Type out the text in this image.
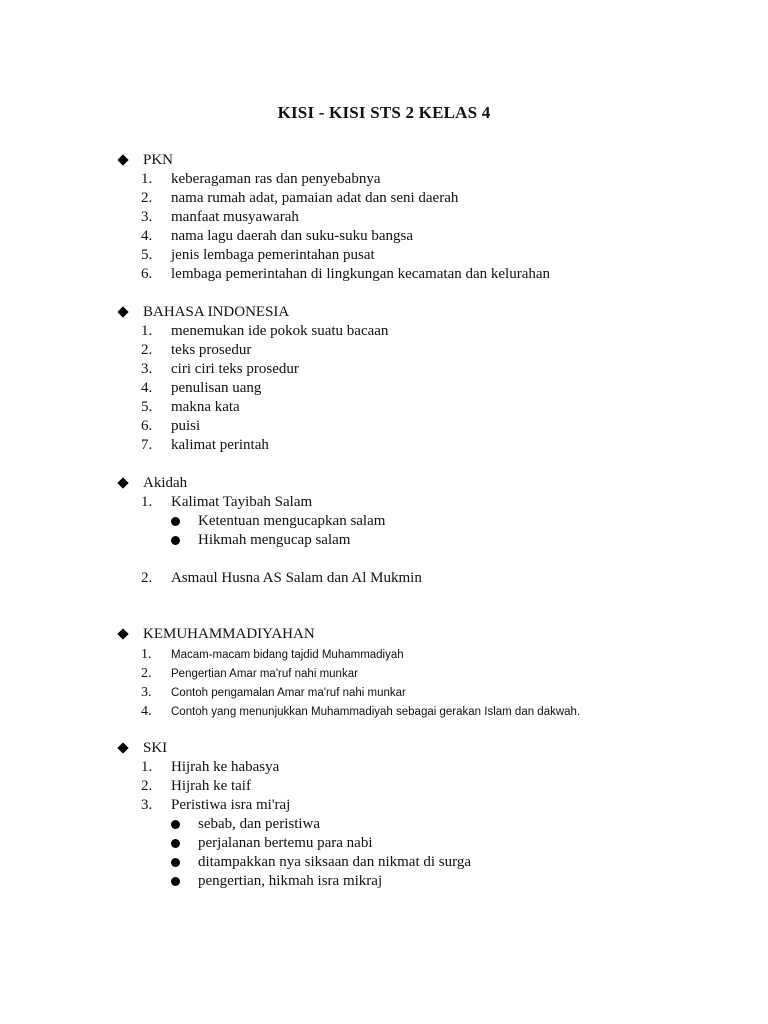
KISI - KISI STS 2 KELAS 4
PKN
1. keberagaman ras dan penyebabnya
2. nama rumah adat, pamaian adat dan seni daerah
3. manfaat musyawarah
4. nama lagu daerah dan suku-suku bangsa
5. jenis lembaga pemerintahan pusat
6. lembaga pemerintahan di lingkungan kecamatan dan kelurahan
BAHASA INDONESIA
1. menemukan ide pokok suatu bacaan
2. teks prosedur
3. ciri ciri teks prosedur
4. penulisan uang
5. makna kata
6. puisi
7. kalimat perintah
Akidah
1. Kalimat Tayibah Salam
Ketentuan mengucapkan salam
Hikmah mengucap salam
2. Asmaul Husna AS Salam dan Al Mukmin
KEMUHAMMADIYAHAN
1. Macam-macam bidang tajdid Muhammadiyah
2. Pengertian Amar ma'ruf nahi munkar
3. Contoh pengamalan Amar ma'ruf nahi munkar
4. Contoh yang menunjukkan Muhammadiyah sebagai gerakan Islam dan dakwah.
SKI
1. Hijrah ke habasya
2. Hijrah ke taif
3. Peristiwa isra mi'raj
sebab, dan peristiwa
perjalanan bertemu para nabi
ditampakkan nya siksaan dan nikmat di surga
pengertian, hikmah isra mikraj
